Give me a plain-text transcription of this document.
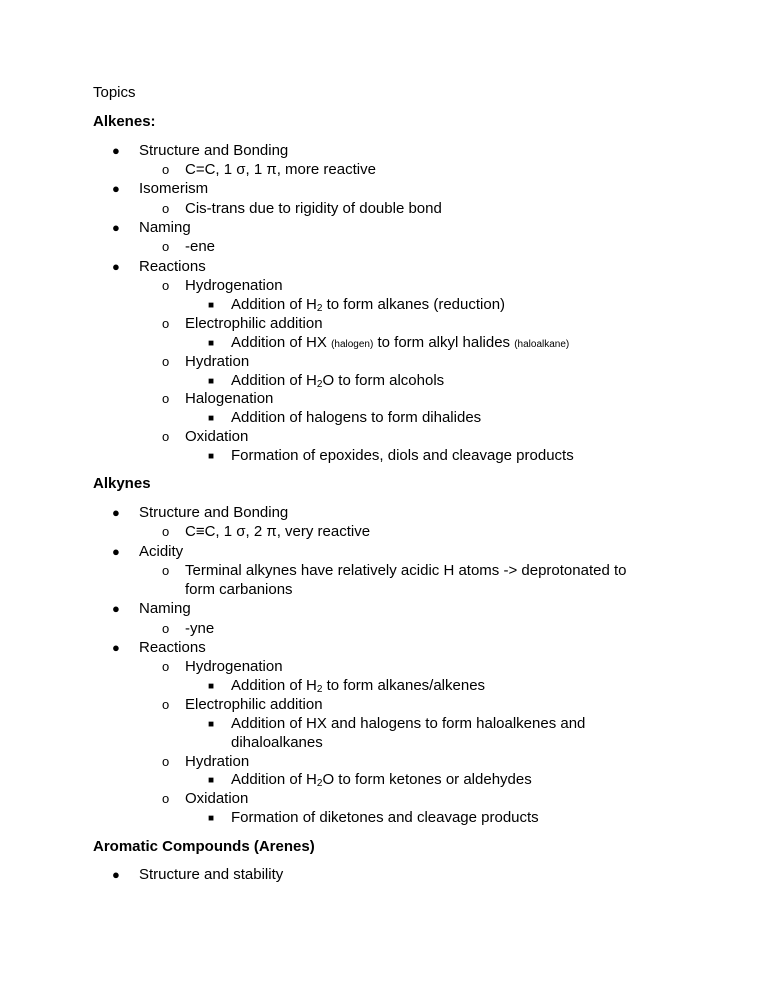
Topics
Alkenes:
● Structure and Bonding
o C=C, 1 σ, 1 π, more reactive
● Isomerism
o Cis-trans due to rigidity of double bond
● Naming
o -ene
● Reactions
o Hydrogenation
■ Addition of $H_2$ to form alkanes (reduction)
o Electrophilic addition
■ Addition of HX (halogen) to form alkyl halides (haloalkane)
o Hydration
■ Addition of $H_2O$ to form alcohols
o Halogenation
■ Addition of halogens to form dihalides
o Oxidation
■ Formation of epoxides, diols and cleavage products
Alkynes
● Structure and Bonding
o C≡C, 1 σ, 2 π, very reactive
● Acidity
o Terminal alkynes have relatively acidic H atoms -> deprotonated to
form carbanions
● Naming
o -yne
● Reactions
o Hydrogenation
■ Addition of $H_2$ to form alkanes/alkenes
o Electrophilic addition
■ Addition of HX and halogens to form haloalkenes and
dihaloalkanes
o Hydration
■ Addition of $H_2O$ to form ketones or aldehydes
o Oxidation
■ Formation of diketones and cleavage products
Aromatic Compounds (Arenes)
● Structure and stability
